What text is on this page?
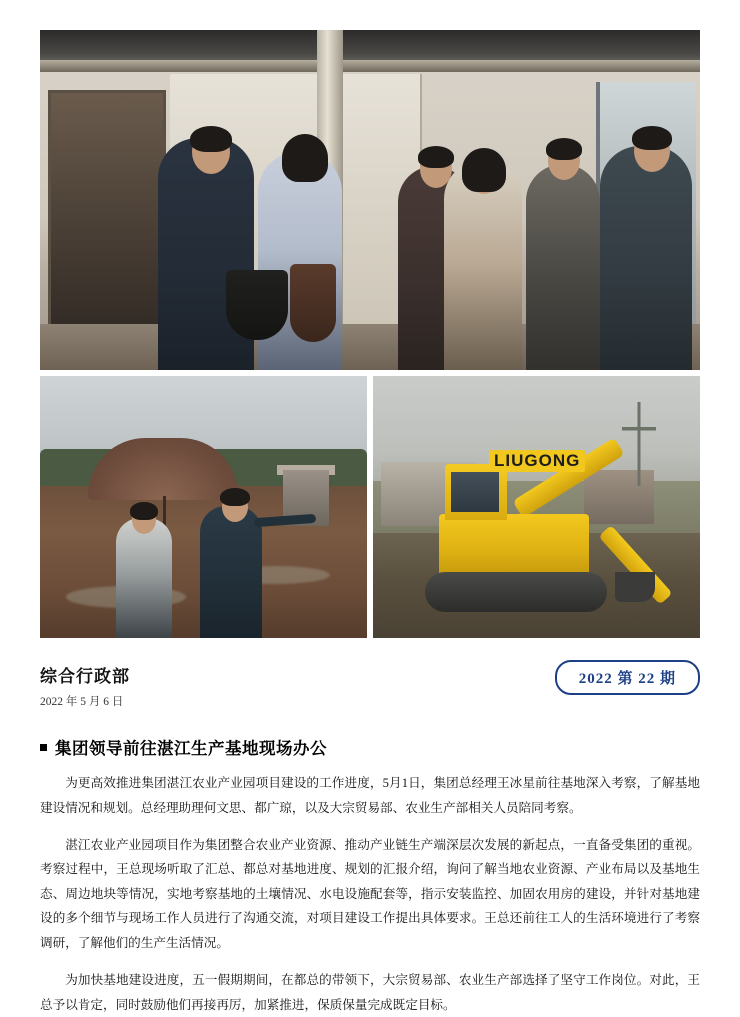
LIUGONG
综合行政部
2022 年 5 月 6 日
2022 第 22 期
集团领导前往湛江生产基地现场办公

为更高效推进集团湛江农业产业园项目建设的工作进度，5月1日，集团总经理王冰星前往基地深入考察，了解基地建设情况和规划。总经理助理何文思、都广琼，以及大宗贸易部、农业生产部相关人员陪同考察。

湛江农业产业园项目作为集团整合农业产业资源、推动产业链生产端深层次发展的新起点，一直备受集团的重视。考察过程中，王总现场听取了汇总、都总对基地进度、规划的汇报介绍，询问了解当地农业资源、产业布局以及基地生态、周边地块等情况，实地考察基地的土壤情况、水电设施配套等，指示安装监控、加固农用房的建设，并针对基地建设的多个细节与现场工作人员进行了沟通交流，对项目建设工作提出具体要求。王总还前往工人的生活环境进行了考察调研，了解他们的生产生活情况。

为加快基地建设进度，五一假期期间，在都总的带领下，大宗贸易部、农业生产部选择了坚守工作岗位。对此，王总予以肯定，同时鼓励他们再接再厉，加紧推进，保质保量完成既定目标。
